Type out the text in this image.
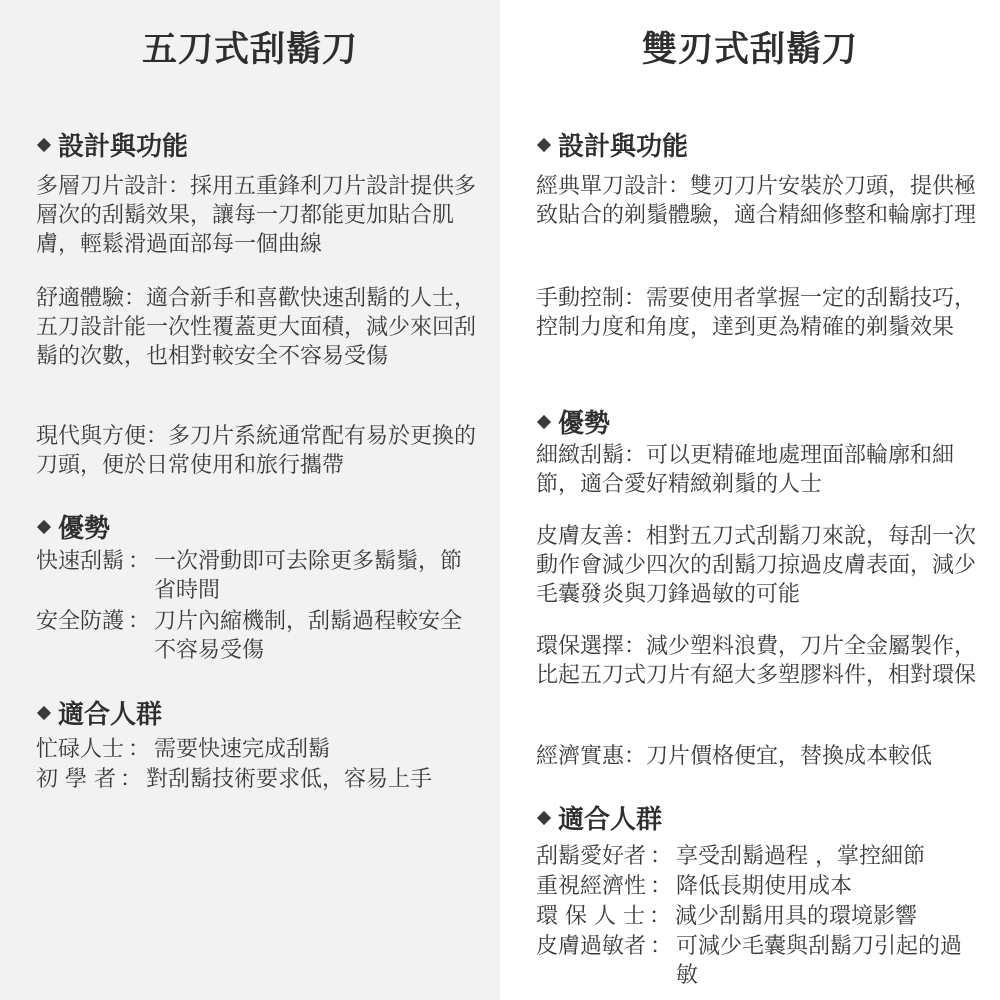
五刀式刮鬍刀
設計與功能
多層刀片設計：採用五重鋒利刀片設計提供多層次的刮鬍效果，讓每一刀都能更加貼合肌膚，輕鬆滑過面部每一個曲線
舒適體驗：適合新手和喜歡快速刮鬍的人士，五刀設計能一次性覆蓋更大面積，減少來回刮鬍的次數，也相對較安全不容易受傷
現代與方便：多刀片系統通常配有易於更換的刀頭，便於日常使用和旅行攜帶
優勢
快速刮鬍 ： 一次滑動即可去除更多鬍鬚，節省時間
安全防護 ： 刀片內縮機制，刮鬍過程較安全不容易受傷
適合人群
忙碌人士 ： 需要快速完成刮鬍
初 學 者 ： 對刮鬍技術要求低，容易上手
雙刃式刮鬍刀
設計與功能
經典單刀設計：雙刃刀片安裝於刀頭，提供極致貼合的剃鬚體驗，適合精細修整和輪廓打理
手動控制：需要使用者掌握一定的刮鬍技巧，控制力度和角度，達到更為精確的剃鬚效果
優勢
細緻刮鬍：可以更精確地處理面部輪廓和細節，適合愛好精緻剃鬚的人士
皮膚友善：相對五刀式刮鬍刀來說，每刮一次動作會減少四次的刮鬍刀掠過皮膚表面，減少毛囊發炎與刀鋒過敏的可能
環保選擇：減少塑料浪費，刀片全金屬製作，比起五刀式刀片有絕大多塑膠料件，相對環保
經濟實惠：刀片價格便宜，替換成本較低
適合人群
刮鬍愛好者 ： 享受刮鬍過程 ，掌控細節
重視經濟性 ： 降低長期使用成本
環 保 人 士 ： 減少刮鬍用具的環境影響
皮膚過敏者 ： 可減少毛囊與刮鬍刀引起的過敏
